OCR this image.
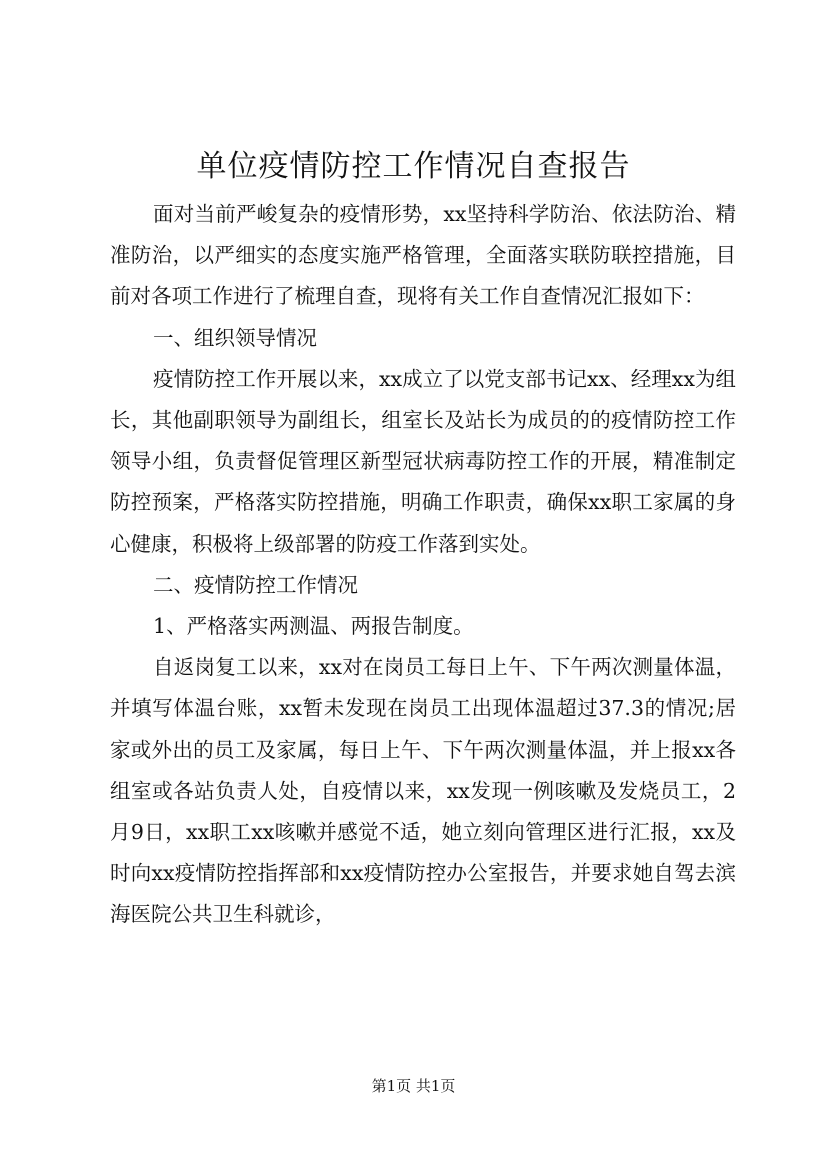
单位疫情防控工作情况自查报告

面对当前严峻复杂的疫情形势，xx坚持科学防治、依法防治、精准防治，以严细实的态度实施严格管理，全面落实联防联控措施，目前对各项工作进行了梳理自查，现将有关工作自查情况汇报如下：

一、组织领导情况

疫情防控工作开展以来，xx成立了以党支部书记xx、经理xx为组长，其他副职领导为副组长，组室长及站长为成员的的疫情防控工作领导小组，负责督促管理区新型冠状病毒防控工作的开展，精准制定防控预案，严格落实防控措施，明确工作职责，确保xx职工家属的身心健康，积极将上级部署的防疫工作落到实处。

二、疫情防控工作情况

1、严格落实两测温、两报告制度。

自返岗复工以来，xx对在岗员工每日上午、下午两次测量体温，并填写体温台账，xx暂未发现在岗员工出现体温超过37.3的情况;居家或外出的员工及家属，每日上午、下午两次测量体温，并上报xx各组室或各站负责人处，自疫情以来，xx发现一例咳嗽及发烧员工，2月9日，xx职工xx咳嗽并感觉不适，她立刻向管理区进行汇报，xx及时向xx疫情防控指挥部和xx疫情防控办公室报告，并要求她自驾去滨海医院公共卫生科就诊，

第1页 共1页
